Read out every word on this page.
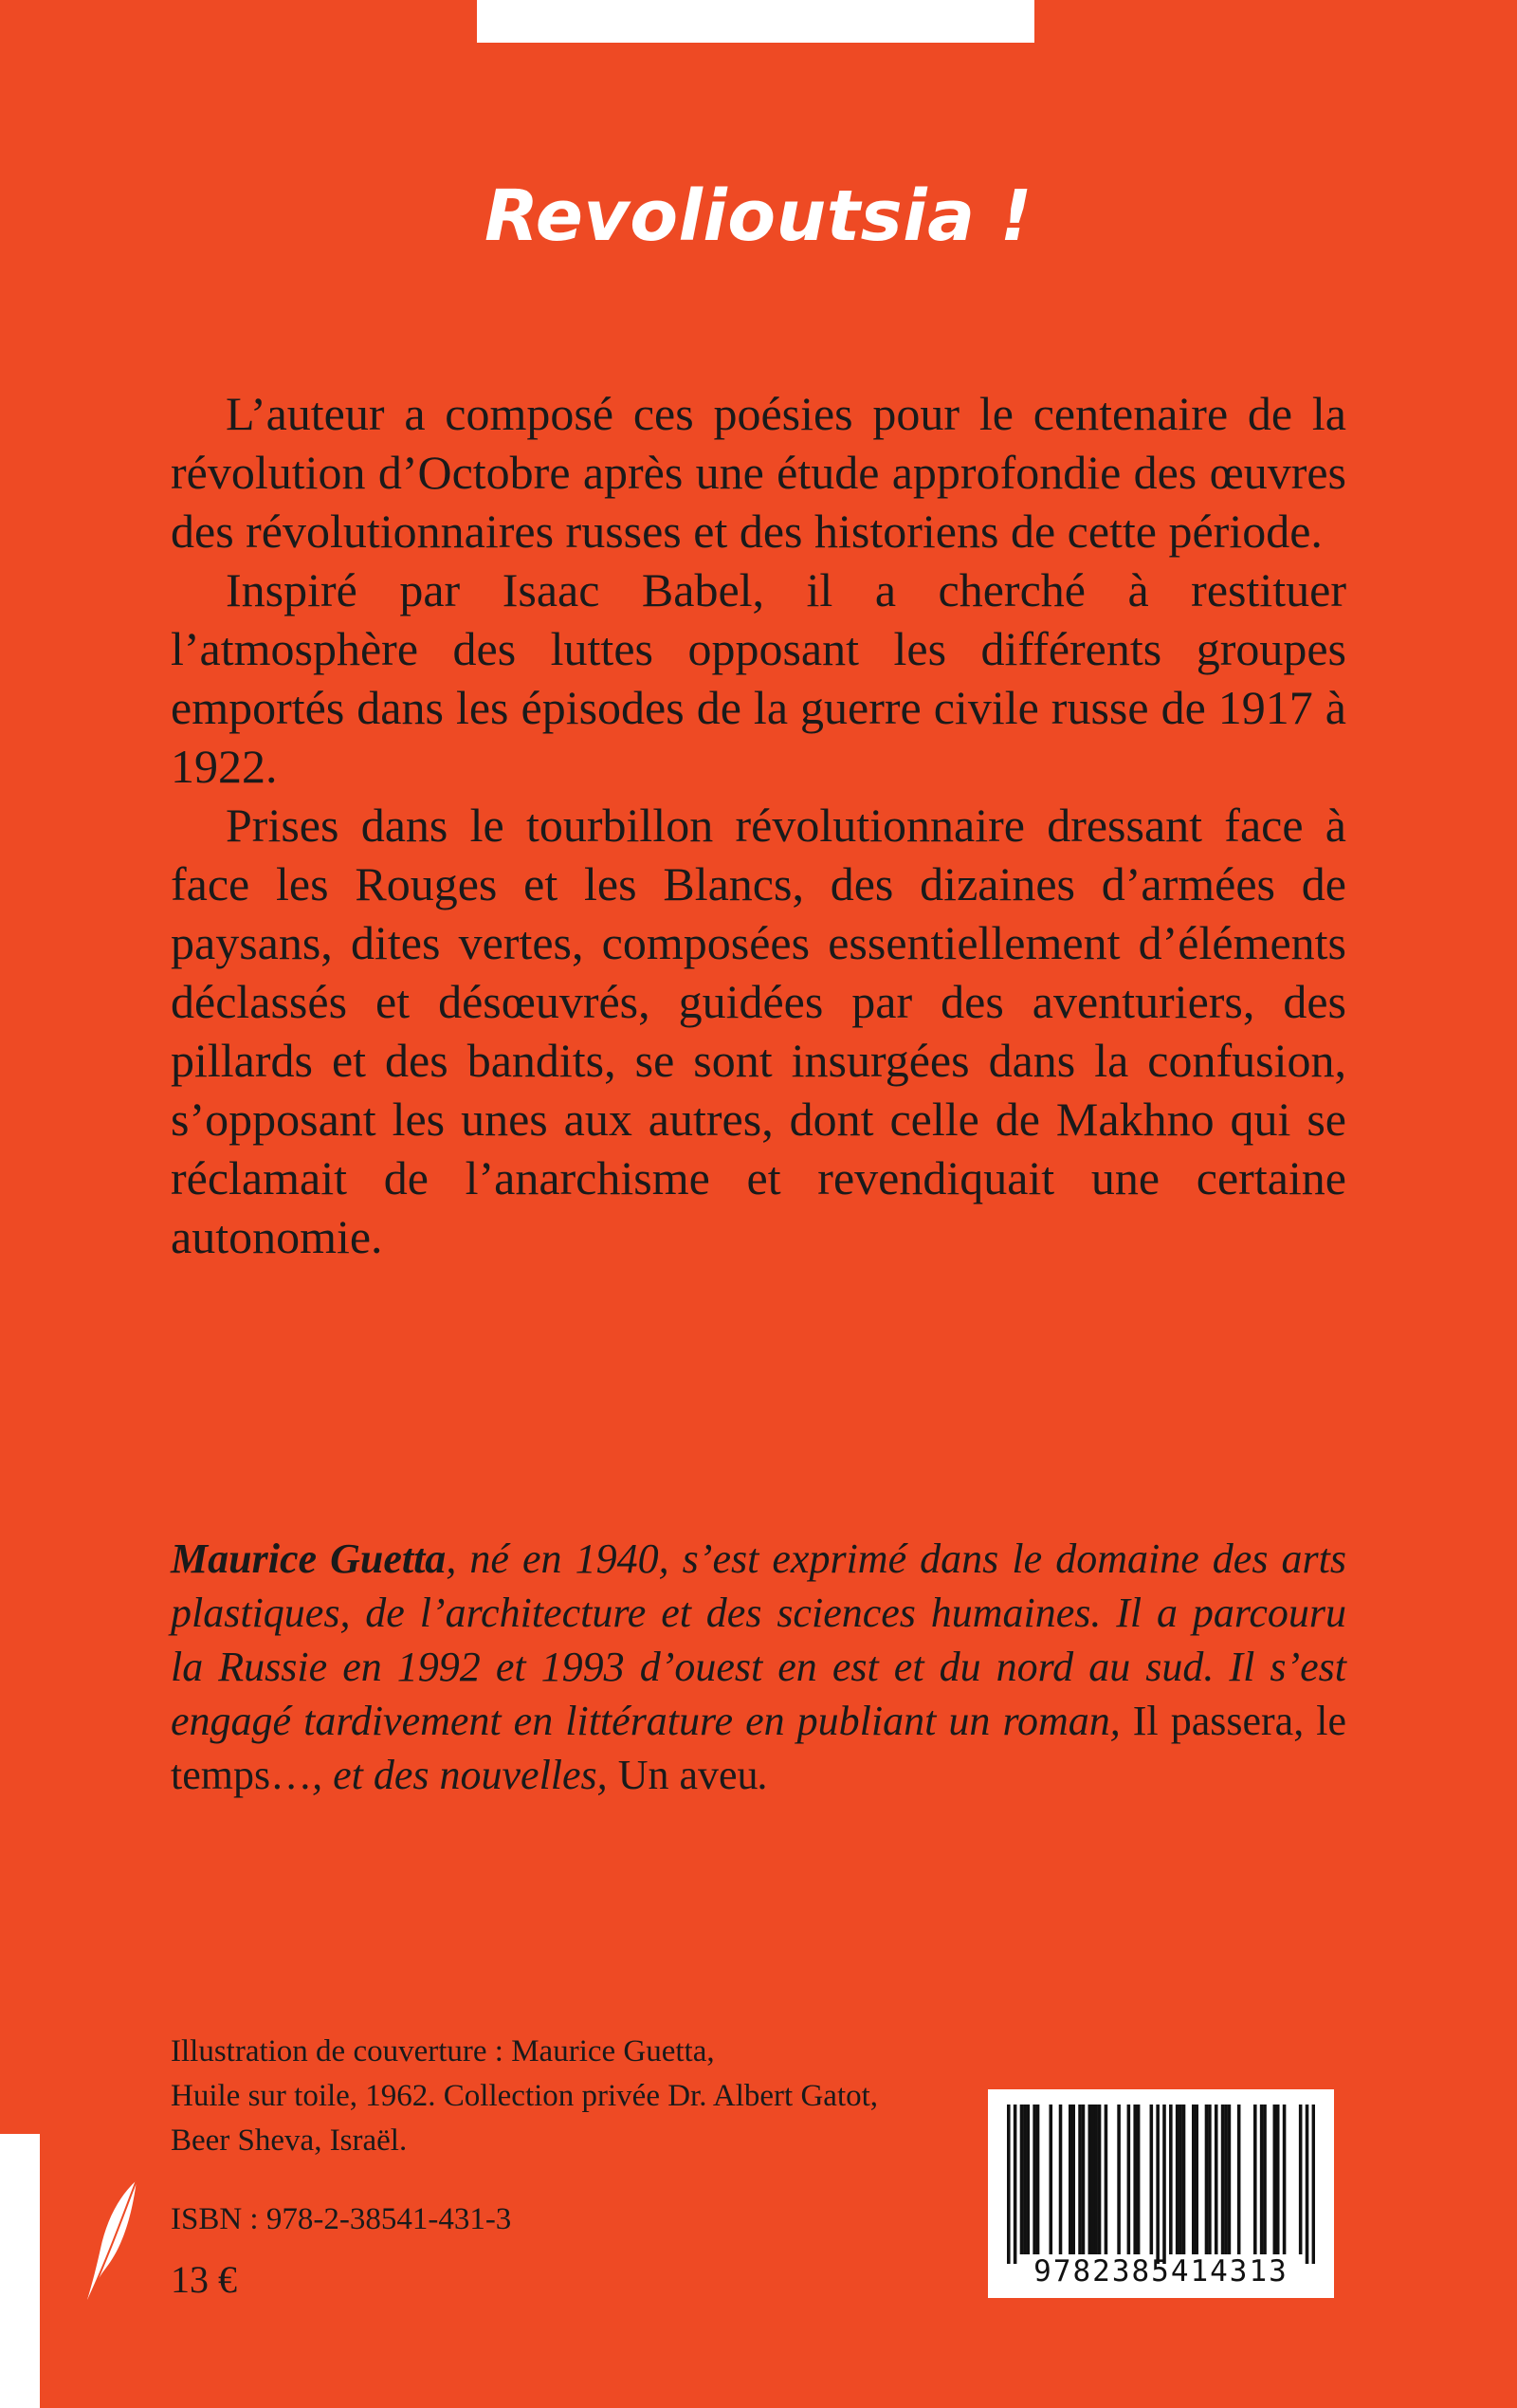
Revolioutsia !

L’auteur a composé ces poésies pour le centenaire de la révolution d’Octobre après une étude approfondie des œuvres des révolutionnaires russes et des historiens de cette période.

Inspiré par Isaac Babel, il a cherché à restituer l’atmosphère des luttes opposant les différents groupes emportés dans les épisodes de la guerre civile russe de 1917 à 1922.

Prises dans le tourbillon révolutionnaire dressant face à face les Rouges et les Blancs, des dizaines d’armées de paysans, dites vertes, composées essentiellement d’éléments déclassés et désœuvrés, guidées par des aventuriers, des pillards et des bandits, se sont insurgées dans la confusion, s’opposant les unes aux autres, dont celle de Makhno qui se réclamait de l’anarchisme et revendiquait une certaine autonomie.

Maurice Guetta, né en 1940, s’est exprimé dans le domaine des arts plastiques, de l’architecture et des sciences humaines. Il a parcouru la Russie en 1992 et 1993 d’ouest en est et du nord au sud. Il s’est engagé tardivement en littérature en publiant un roman, Il passera, le temps…, et des nouvelles, Un aveu.

Illustration de couverture : Maurice Guetta,

Huile sur toile, 1962. Collection privée Dr. Albert Gatot,

Beer Sheva, Israël.

ISBN : 978-2-38541-431-3
13 €	9782385414313
